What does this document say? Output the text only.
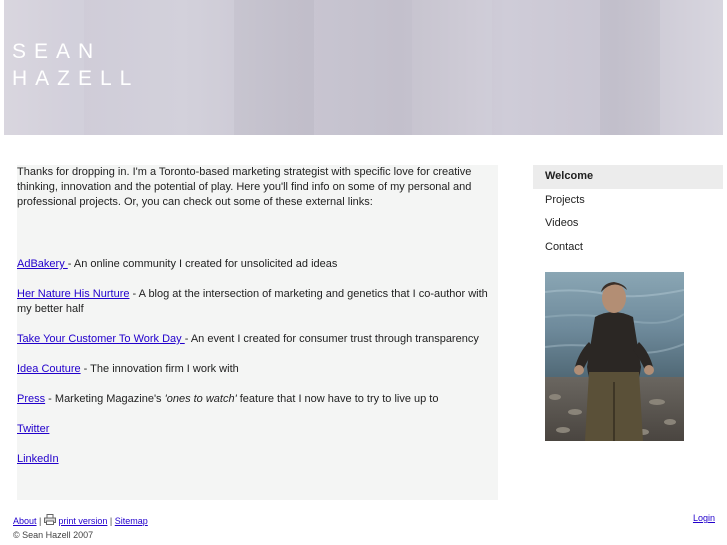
SEAN
HAZELL

Thanks for dropping in. I'm a Toronto-based marketing strategist with specific love for creative thinking, innovation and the potential of play. Here you'll find info on some of my personal and professional projects. Or, you can check out some of these external links:

AdBakery - An online community I created for unsolicited ad ideas
Her Nature His Nurture - A blog at the intersection of marketing and genetics that I co-author with my better half
Take Your Customer To Work Day - An event I created for consumer trust through transparency
Idea Couture - The innovation firm I work with
Press - Marketing Magazine's 'ones to watch' feature that I now have to try to live up to
Twitter
LinkedIn
Welcome
Projects
Videos
Contact
About |  print version | Sitemap
© Sean Hazell 2007
Login
